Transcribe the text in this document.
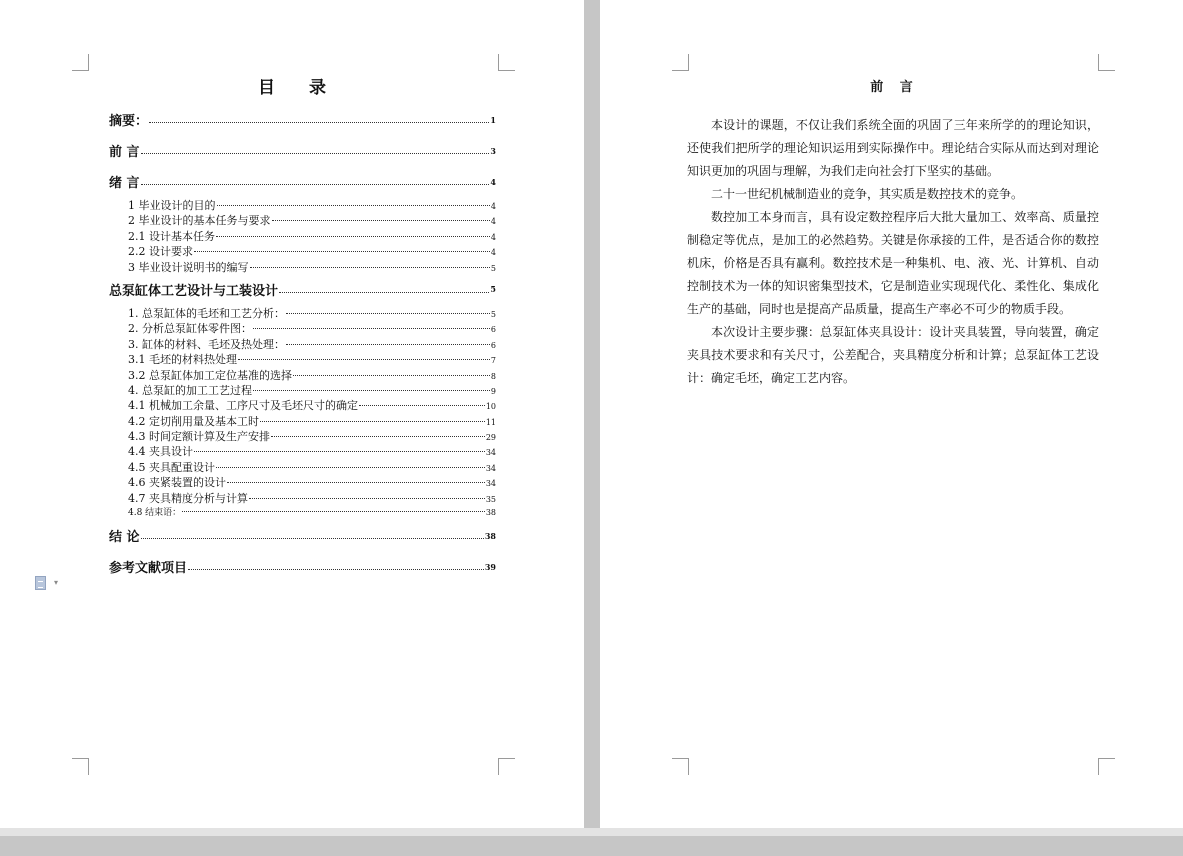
目 录
摘要：	1
前 言	3
绪 言	4
1 毕业设计的目的	4
2 毕业设计的基本任务与要求	4
2.1 设计基本任务	4
2.2 设计要求	4
3 毕业设计说明书的编写	5
总泵缸体工艺设计与工装设计	5
1. 总泵缸体的毛坯和工艺分析：	5
2. 分析总泵缸体零件图：	6
3. 缸体的材料、毛坯及热处理：	6
3.1 毛坯的材料热处理	7
3.2 总泵缸体加工定位基准的选择	8
4. 总泵缸的加工工艺过程	9
4.1 机械加工余量、工序尺寸及毛坯尺寸的确定	10
4.2 定切削用量及基本工时	11
4.3 时间定额计算及生产安排	29
4.4 夹具设计	34
4.5 夹具配重设计	34
4.6 夹紧装置的设计	34
4.7 夹具精度分析与计算	35
4.8 结束语：	38
结 论	38
参考文献项目	39
▾
前 言

本设计的课题，不仅让我们系统全面的巩固了三年来所学的的理论知识，还使我们把所学的理论知识运用到实际操作中。理论结合实际从而达到对理论知识更加的巩固与理解，为我们走向社会打下坚实的基础。

二十一世纪机械制造业的竞争，其实质是数控技术的竞争。

数控加工本身而言，具有设定数控程序后大批大量加工、效率高、质量控制稳定等优点，是加工的必然趋势。关键是你承接的工件，是否适合你的数控机床，价格是否具有赢利。数控技术是一种集机、电、液、光、计算机、自动控制技术为一体的知识密集型技术，它是制造业实现现代化、柔性化、集成化生产的基础，同时也是提高产品质量，提高生产率必不可少的物质手段。

本次设计主要步骤：总泵缸体夹具设计：设计夹具装置，导向装置，确定夹具技术要求和有关尺寸，公差配合，夹具精度分析和计算；总泵缸体工艺设计：确定毛坯，确定工艺内容。
